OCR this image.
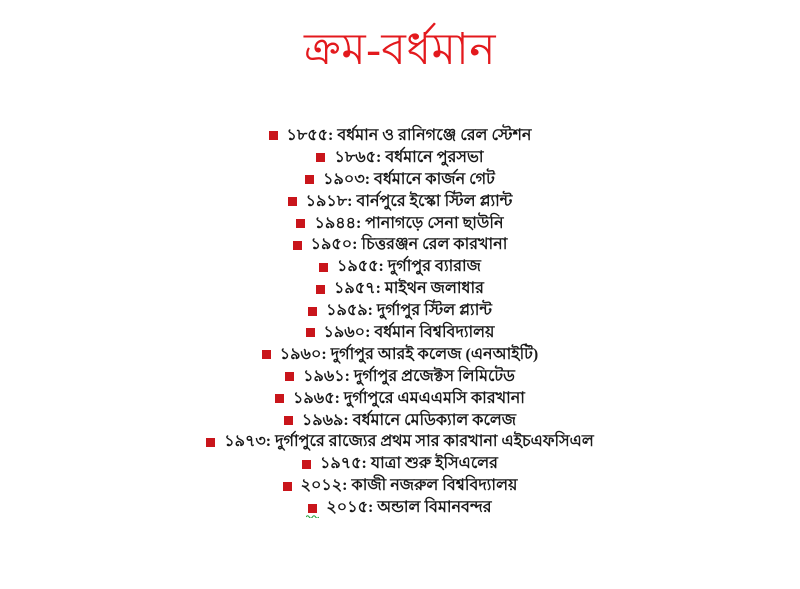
ক্রম-বর্ধমান
১৮৫৫: বর্ধমান ও রানিগঞ্জে রেল স্টেশন
১৮৬৫: বর্ধমানে পুরসভা
১৯০৩: বর্ধমানে কার্জন গেট
১৯১৮: বার্নপুরে ইস্কো স্টিল প্ল্যান্ট
১৯৪৪: পানাগড়ে সেনা ছাউনি
১৯৫০: চিত্তরঞ্জন রেল কারখানা
১৯৫৫: দুর্গাপুর ব্যারাজ
১৯৫৭: মাইথন জলাধার
১৯৫৯: দুর্গাপুর স্টিল প্ল্যান্ট
১৯৬০: বর্ধমান বিশ্ববিদ্যালয়
১৯৬০: দুর্গাপুর আরই কলেজ (এনআইটি)
১৯৬১: দুর্গাপুর প্রজেক্টস লিমিটেড
১৯৬৫: দুর্গাপুরে এমএএমসি কারখানা
১৯৬৯: বর্ধমানে মেডিক্যাল কলেজ
১৯৭৩: দুর্গাপুরে রাজ্যের প্রথম সার কারখানা এইচএফসিএল
১৯৭৫: যাত্রা শুরু ইসিএলের
২০১২: কাজী নজরুল বিশ্ববিদ্যালয়
২০১৫: অন্ডাল বিমানবন্দর
